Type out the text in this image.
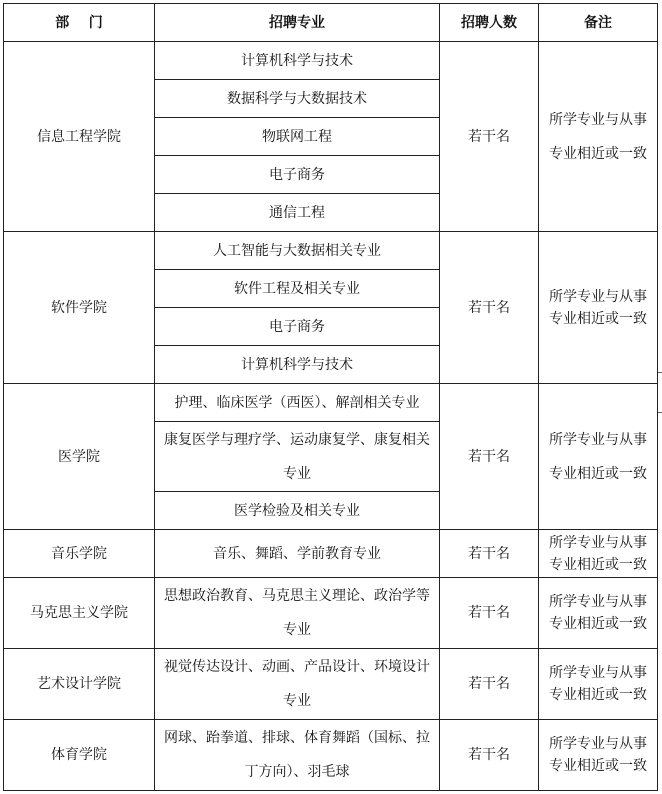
部    门	招聘专业	招聘人数	备注
信息工程学院	计算机科学与技术	若干名	所学专业与从事专业相近或一致
	数据科学与大数据技术		
	物联网工程		
	电子商务		
	通信工程		
软件学院	人工智能与大数据相关专业	若干名	所学专业与从事专业相近或一致
	软件工程及相关专业		
	电子商务		
	计算机科学与技术		
医学院	护理、临床医学（西医）、解剖相关专业	若干名	所学专业与从事专业相近或一致
	康复医学与理疗学、运动康复学、康复相关专业		
	医学检验及相关专业		
音乐学院	音乐、舞蹈、学前教育专业	若干名	所学专业与从事专业相近或一致
马克思主义学院	思想政治教育、马克思主义理论、政治学等专业	若干名	所学专业与从事专业相近或一致
艺术设计学院	视觉传达设计、动画、产品设计、环境设计专业	若干名	所学专业与从事专业相近或一致
体育学院	网球、跆拳道、排球、体育舞蹈（国标、拉丁方向）、羽毛球	若干名	所学专业与从事专业相近或一致
